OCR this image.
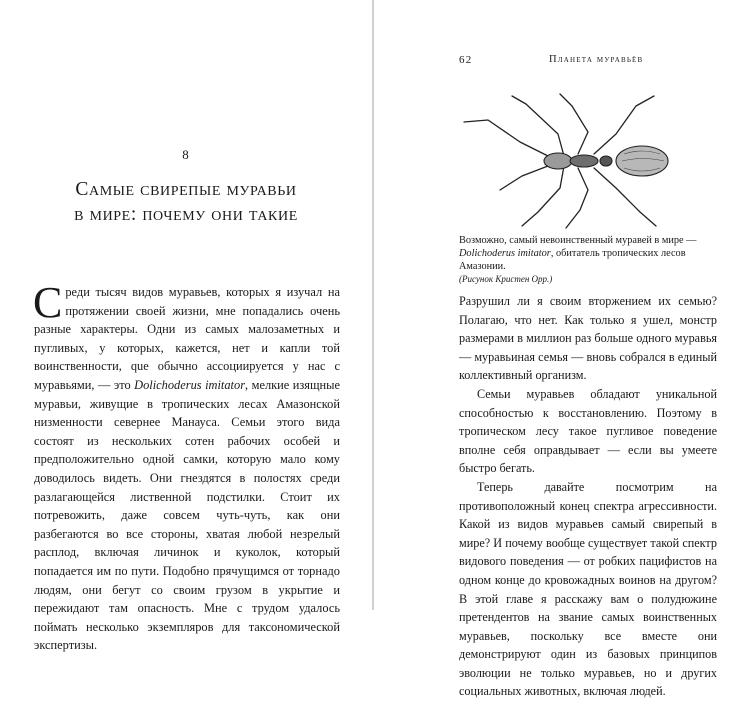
8
Самые свирепые муравьи
в мире: почему они такие

Среди тысяч видов муравьев, которых я изучал на протяжении своей жизни, мне попадались очень разные характеры. Одни из самых малозаметных и пугливых, у которых, кажется, нет и капли той воинственности, que обычно ассоциируется у нас с муравьями, — это Dolichoderus imitator, мелкие изящные муравьи, живущие в тропических лесах Амазонской низменности севернее Манауса. Семьи этого вида состоят из нескольких сотен рабочих особей и предположительно одной самки, которую мало кому доводилось видеть. Они гнездятся в полостях среди разлагающейся лиственной подстилки. Стоит их потревожить, даже совсем чуть-чуть, как они разбегаются во все стороны, хватая любой незрелый расплод, включая личинок и куколок, который попадается им по пути. Подобно прячущимся от торнадо людям, они бегут со своим грузом в укрытие и пережидают там опасность. Мне с трудом удалось поймать несколько экземпляров для таксономической экспертизы.

62	Планета муравьёв
Возможно, самый невоинственный муравей в мире — Dolichoderus imitator, обитатель тропических лесов Амазонии.
(Рисунок Кристен Орр.)

Разрушил ли я своим вторжением их семью? Полагаю, что нет. Как только я ушел, монстр размерами в миллион раз больше одного муравья — муравьиная семья — вновь собрался в единый коллективный организм.

Семьи муравьев обладают уникальной способностью к восстановлению. Поэтому в тропическом лесу такое пугливое поведение вполне себя оправдывает — если вы умеете быстро бегать.

Теперь давайте посмотрим на противоположный конец спектра агрессивности. Какой из видов муравьев самый свирепый в мире? И почему вообще существует такой спектр видового поведения — от робких пацифистов на одном конце до кровожадных воинов на другом? В этой главе я расскажу вам о полудюжине претендентов на звание самых воинственных муравьев, поскольку все вместе они демонстрируют один из базовых принципов эволюции не только муравьев, но и других социальных животных, включая людей.
